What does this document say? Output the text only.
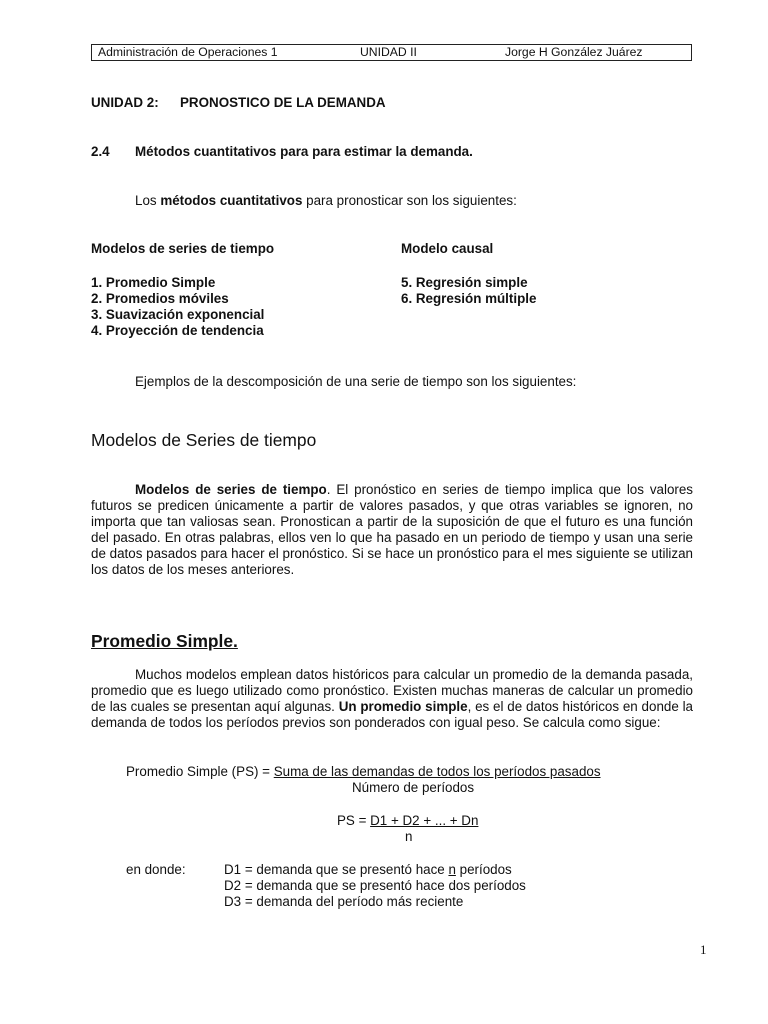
Administración de Operaciones 1	UNIDAD II	Jorge H González Juárez
UNIDAD 2: PRONOSTICO DE LA DEMANDA
2.4 Métodos cuantitativos para para estimar la demanda.
Los métodos cuantitativos para pronosticar son los siguientes:
Modelos de series de tiempo	Modelo causal
1. Promedio Simple
2. Promedios móviles
3. Suavización exponencial
4. Proyección de tendencia
5. Regresión simple
6. Regresión múltiple
Ejemplos de la descomposición de una serie de tiempo son los siguientes:
Modelos de Series de tiempo
Modelos de series de tiempo. El pronóstico en series de tiempo implica que los valores futuros se predicen únicamente a partir de valores pasados, y que otras variables se ignoren, no importa que tan valiosas sean. Pronostican a partir de la suposición de que el futuro es una función del pasado. En otras palabras, ellos ven lo que ha pasado en un periodo de tiempo y usan una serie de datos pasados para hacer el pronóstico. Si se hace un pronóstico para el mes siguiente se utilizan los datos de los meses anteriores.
Promedio Simple.
Muchos modelos emplean datos históricos para calcular un promedio de la demanda pasada, promedio que es luego utilizado como pronóstico. Existen muchas maneras de calcular un promedio de las cuales se presentan aquí algunas. Un promedio simple, es el de datos históricos en donde la demanda de todos los períodos previos son ponderados con igual peso. Se calcula como sigue:
Promedio Simple (PS) = Suma de las demandas de todos los períodos pasados
Número de períodos
PS = D1 + D2 + ... + Dn
n
en donde:	D1 = demanda que se presentó hace n períodos
D2 = demanda que se presentó hace dos períodos
D3 = demanda del período más reciente
1
